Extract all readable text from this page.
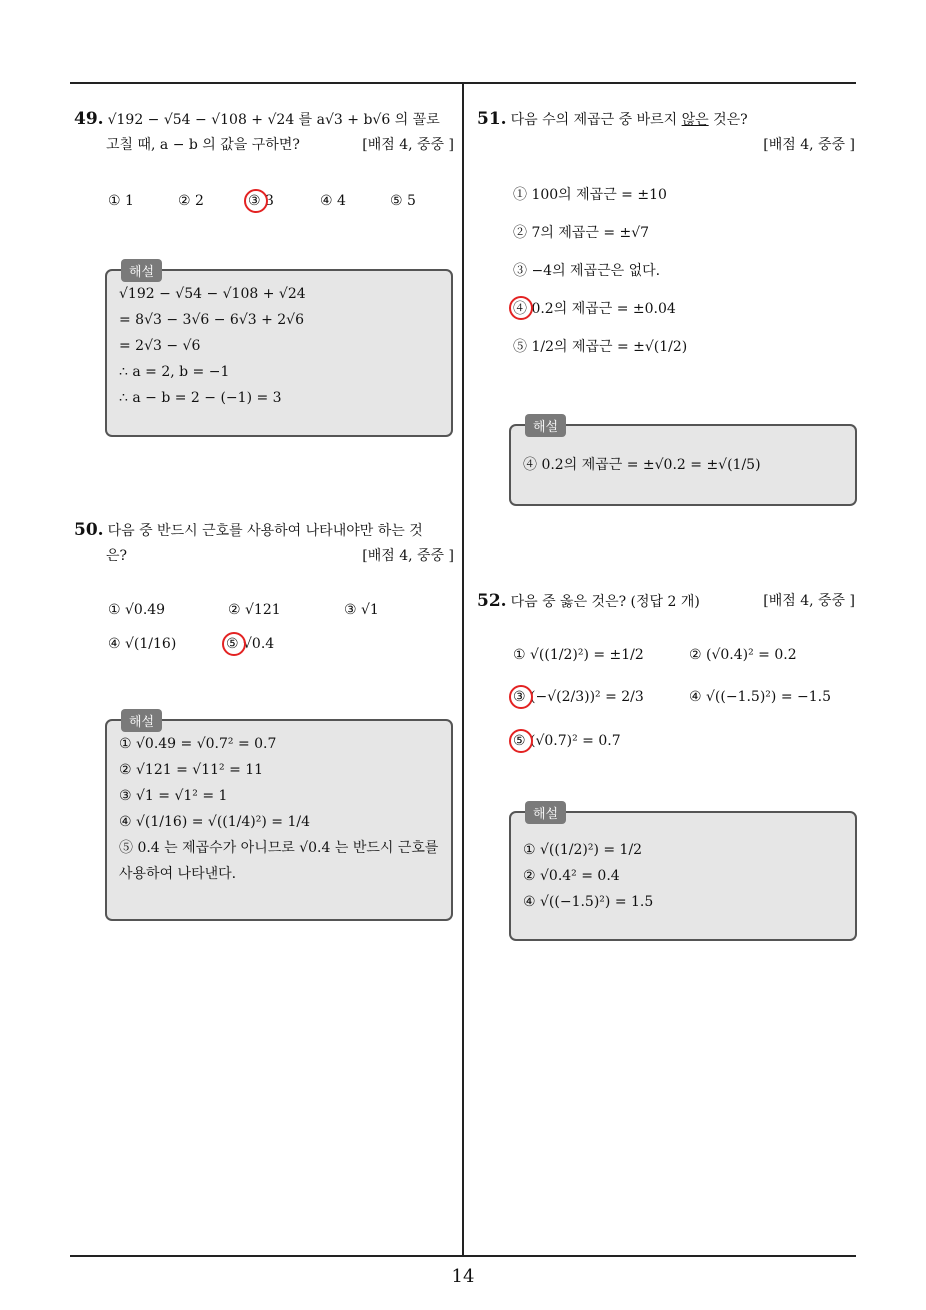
49. √192 − √54 − √108 + √24 를 a√3 + b√6 의 꼴로
고칠 때, a − b 의 값을 구하면?	[배점 4, 중중 ]
① 1	② 2	③ 3	④ 4	⑤ 5
해설
√192 − √54 − √108 + √24
= 8√3 − 3√6 − 6√3 + 2√6
= 2√3 − √6
∴ a = 2, b = −1
∴ a − b = 2 − (−1) = 3
50. 다음 중 반드시 근호를 사용하여 나타내야만 하는 것
은?	[배점 4, 중중 ]
① √0.49	② √121	③ √1
④ √(1/16)	⑤ √0.4
해설
① √0.49 = √0.7² = 0.7
② √121 = √11² = 11
③ √1 = √1² = 1
④ √(1/16) = √((1/4)²) = 1/4
⑤ 0.4 는 제곱수가 아니므로 √0.4 는 반드시 근호를 사용하여 나타낸다.
51. 다음 수의 제곱근 중 바르지 않은 것은?
[배점 4, 중중 ]
① 100의 제곱근 = ±10
② 7의 제곱근 = ±√7
③ −4의 제곱근은 없다.
④ 0.2의 제곱근 = ±0.04
⑤ 1/2의 제곱근 = ±√(1/2)
해설
④ 0.2의 제곱근 = ±√0.2 = ±√(1/5)
52. 다음 중 옳은 것은? (정답 2 개)	[배점 4, 중중 ]
① √((1/2)²) = ±1/2	② (√0.4)² = 0.2
③ (−√(2/3))² = 2/3	④ √((−1.5)²) = −1.5
⑤ (√0.7)² = 0.7
해설
① √((1/2)²) = 1/2
② √0.4² = 0.4
④ √((−1.5)²) = 1.5
14
